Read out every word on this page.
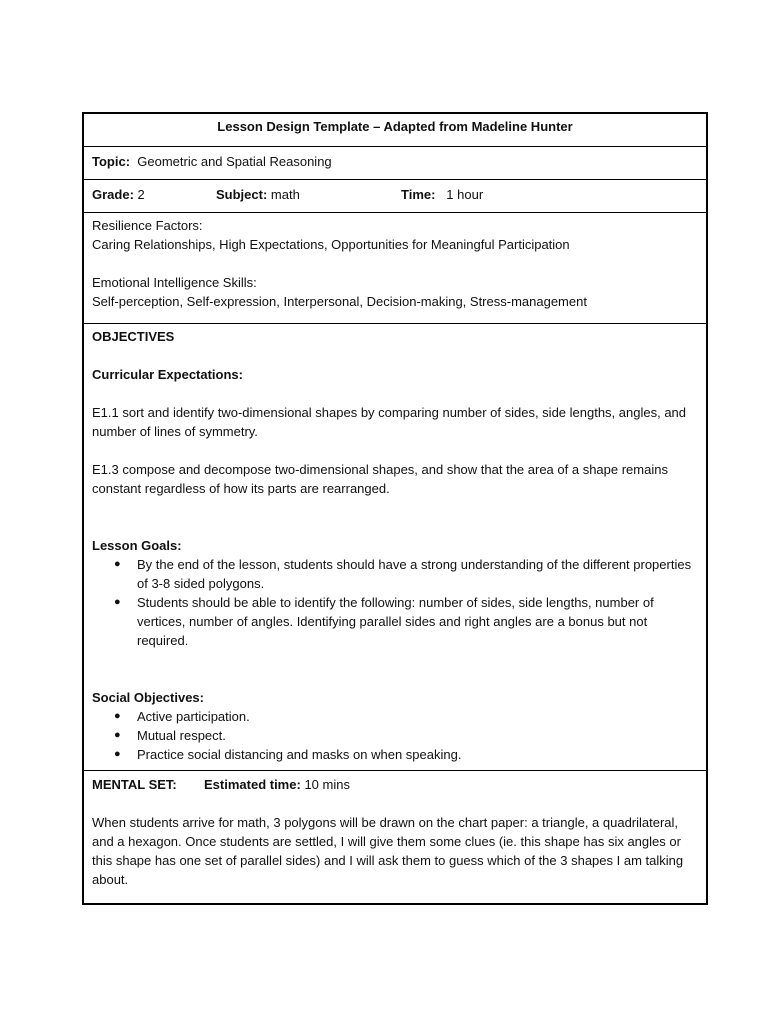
Lesson Design Template – Adapted from Madeline Hunter
Topic: Geometric and Spatial Reasoning
Grade: 2	Subject: math	Time: 1 hour

Resilience Factors:

Caring Relationships, High Expectations, Opportunities for Meaningful Participation

Emotional Intelligence Skills:

Self-perception, Self-expression, Interpersonal, Decision-making, Stress-management

OBJECTIVES

Curricular Expectations:

E1.1 sort and identify two-dimensional shapes by comparing number of sides, side lengths, angles, and number of lines of symmetry.

E1.3 compose and decompose two-dimensional shapes, and show that the area of a shape remains constant regardless of how its parts are rearranged.

Lesson Goals:

● By the end of the lesson, students should have a strong understanding of the different properties of 3-8 sided polygons.
● Students should be able to identify the following: number of sides, side lengths, number of vertices, number of angles. Identifying parallel sides and right angles are a bonus but not required.

Social Objectives:

● Active participation.
● Mutual respect.
● Practice social distancing and masks on when speaking.
MENTAL SET:	Estimated time: 10 mins

When students arrive for math, 3 polygons will be drawn on the chart paper: a triangle, a quadrilateral, and a hexagon. Once students are settled, I will give them some clues (ie. this shape has six angles or this shape has one set of parallel sides) and I will ask them to guess which of the 3 shapes I am talking about.
